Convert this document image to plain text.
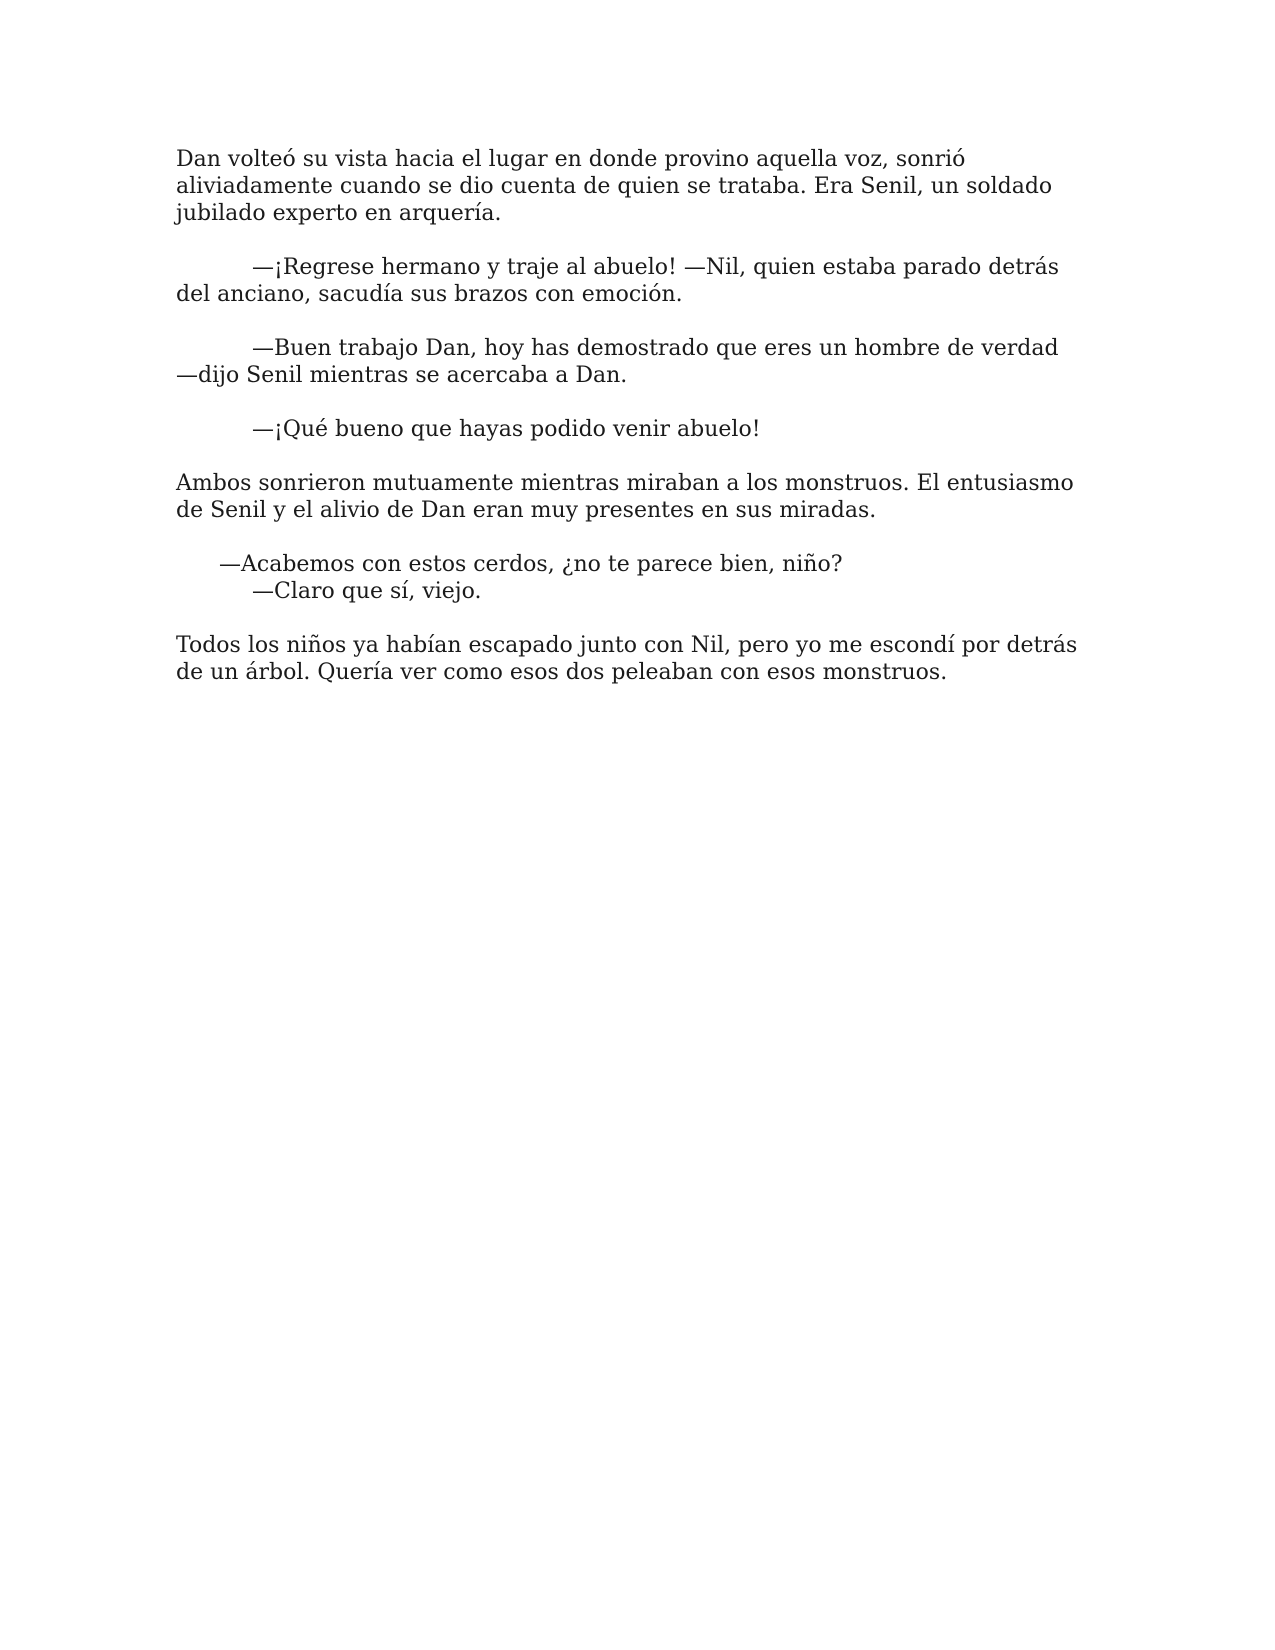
Dan volteó su vista hacia el lugar en donde provino aquella voz, sonrió aliviadamente cuando se dio cuenta de quien se trataba. Era Senil, un soldado jubilado experto en arquería.

—¡Regrese hermano y traje al abuelo! —Nil, quien estaba parado detrás del anciano, sacudía sus brazos con emoción.

—Buen trabajo Dan, hoy has demostrado que eres un hombre de verdad —dijo Senil mientras se acercaba a Dan.

—¡Qué bueno que hayas podido venir abuelo!

Ambos sonrieron mutuamente mientras miraban a los monstruos. El entusiasmo de Senil y el alivio de Dan eran muy presentes en sus miradas.

—Acabemos con estos cerdos, ¿no te parece bien, niño?

—Claro que sí, viejo.

Todos los niños ya habían escapado junto con Nil, pero yo me escondí por detrás de un árbol. Quería ver como esos dos peleaban con esos monstruos.
